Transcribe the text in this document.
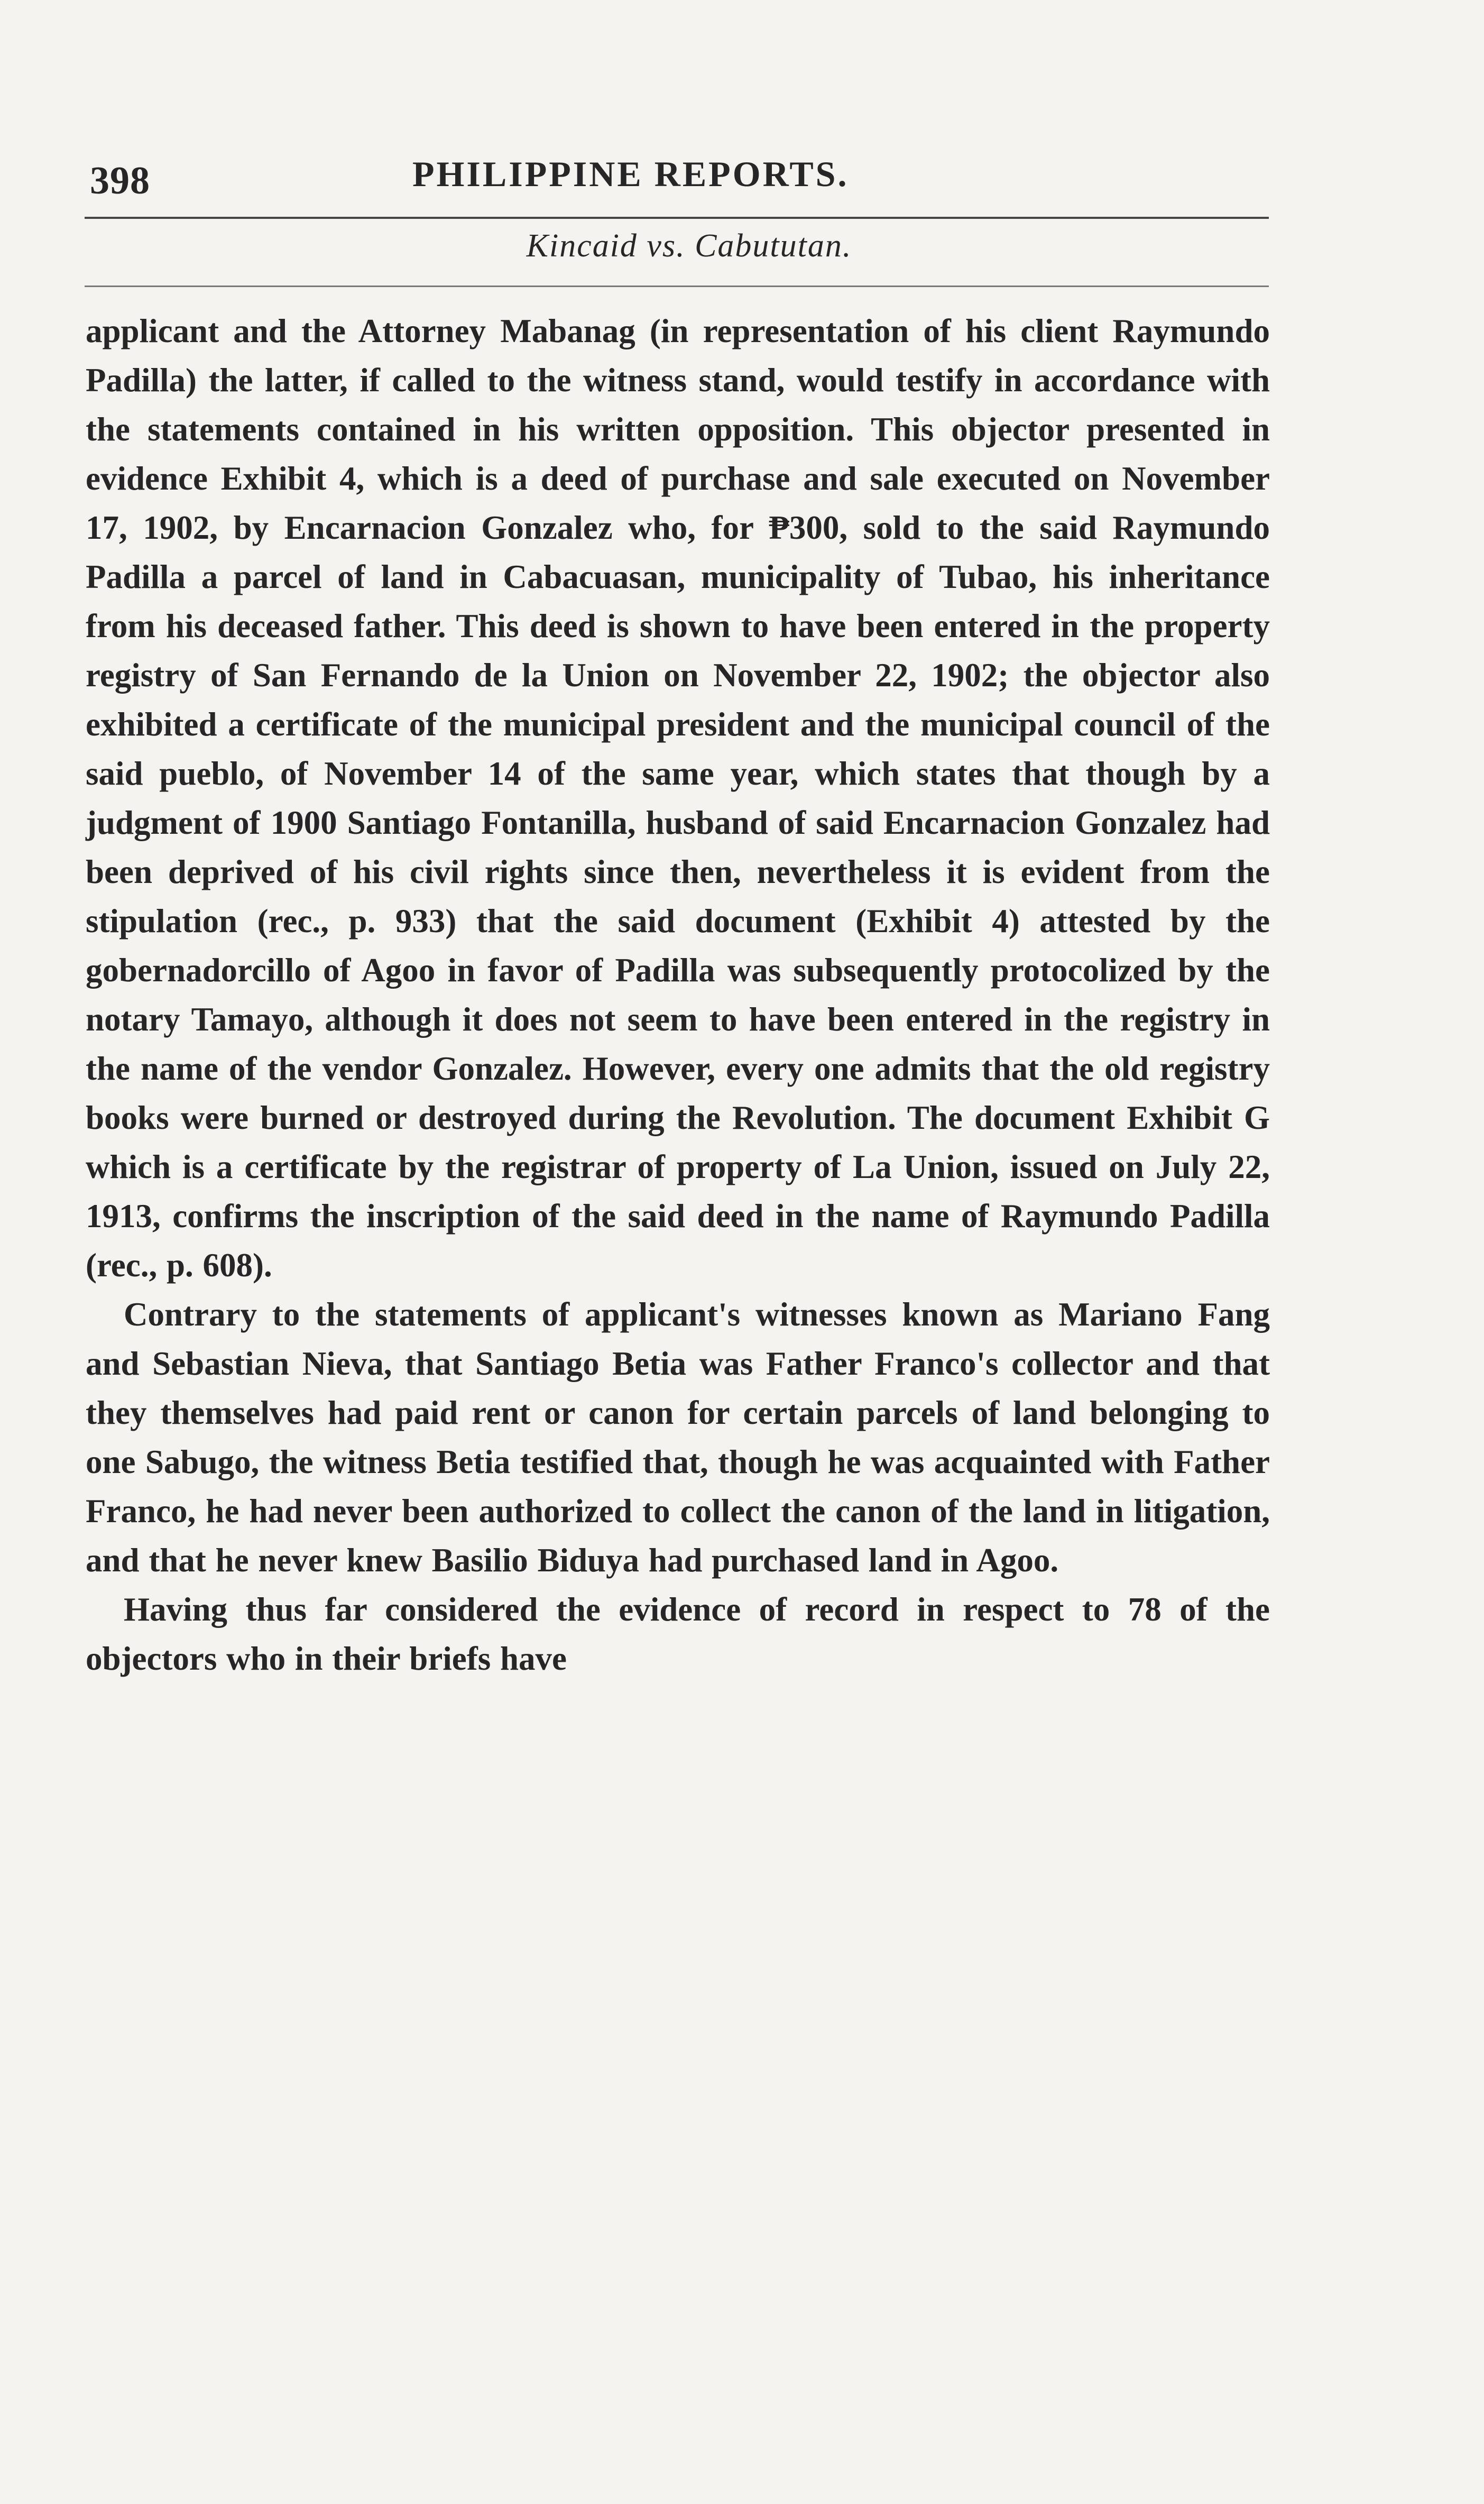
398	PHILIPPINE REPORTS.
Kincaid vs. Cabututan.

applicant and the Attorney Mabanag (in representation of his client Raymundo Padilla) the latter, if called to the witness stand, would testify in accordance with the statements contained in his written opposition. This objector presented in evidence Exhibit 4, which is a deed of purchase and sale executed on November 17, 1902, by Encarnacion Gonzalez who, for ₱300, sold to the said Raymundo Padilla a parcel of land in Cabacuasan, municipality of Tubao, his inheritance from his deceased father. This deed is shown to have been entered in the property registry of San Fernando de la Union on November 22, 1902; the objector also exhibited a certificate of the municipal president and the municipal council of the said pueblo, of November 14 of the same year, which states that though by a judgment of 1900 Santiago Fontanilla, husband of said Encarnacion Gonzalez had been deprived of his civil rights since then, nevertheless it is evident from the stipulation (rec., p. 933) that the said document (Exhibit 4) attested by the gobernadorcillo of Agoo in favor of Padilla was subsequently protocolized by the notary Tamayo, although it does not seem to have been entered in the registry in the name of the vendor Gonzalez. However, every one admits that the old registry books were burned or destroyed during the Revolution. The document Exhibit G which is a certificate by the registrar of property of La Union, issued on July 22, 1913, confirms the inscription of the said deed in the name of Raymundo Padilla (rec., p. 608).

Contrary to the statements of applicant's witnesses known as Mariano Fang and Sebastian Nieva, that Santiago Betia was Father Franco's collector and that they themselves had paid rent or canon for certain parcels of land belonging to one Sabugo, the witness Betia testified that, though he was acquainted with Father Franco, he had never been authorized to collect the canon of the land in litigation, and that he never knew Basilio Biduya had purchased land in Agoo.

Having thus far considered the evidence of record in respect to 78 of the objectors who in their briefs have
